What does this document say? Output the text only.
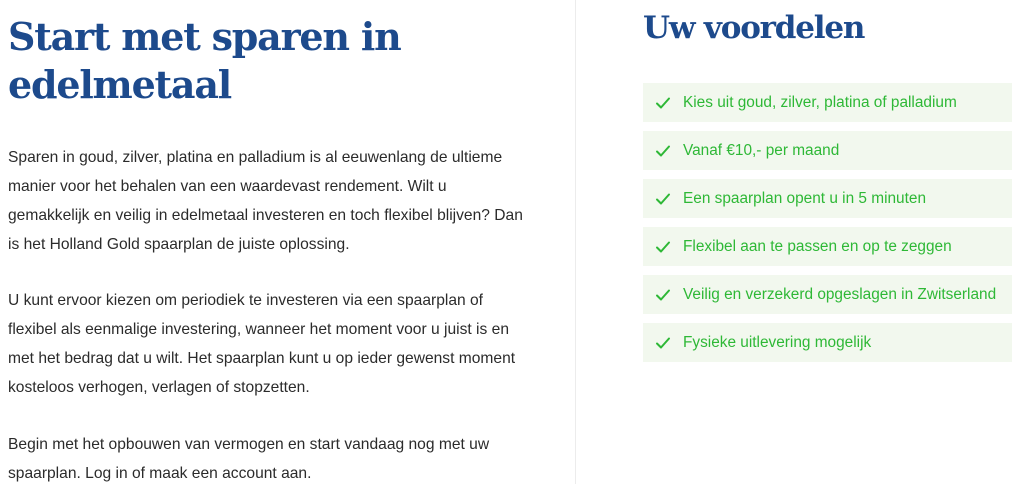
Start met sparen in edelmetaal

Sparen in goud, zilver, platina en palladium is al eeuwenlang de ultieme manier voor het behalen van een waardevast rendement. Wilt u gemakkelijk en veilig in edelmetaal investeren en toch flexibel blijven? Dan is het Holland Gold spaarplan de juiste oplossing.

U kunt ervoor kiezen om periodiek te investeren via een spaarplan of flexibel als eenmalige investering, wanneer het moment voor u juist is en met het bedrag dat u wilt. Het spaarplan kunt u op ieder gewenst moment kosteloos verhogen, verlagen of stopzetten.

Begin met het opbouwen van vermogen en start vandaag nog met uw spaarplan. Log in of maak een account aan.

Uw voordelen
Kies uit goud, zilver, platina of palladium
Vanaf €10,- per maand
Een spaarplan opent u in 5 minuten
Flexibel aan te passen en op te zeggen
Veilig en verzekerd opgeslagen in Zwitserland
Fysieke uitlevering mogelijk
